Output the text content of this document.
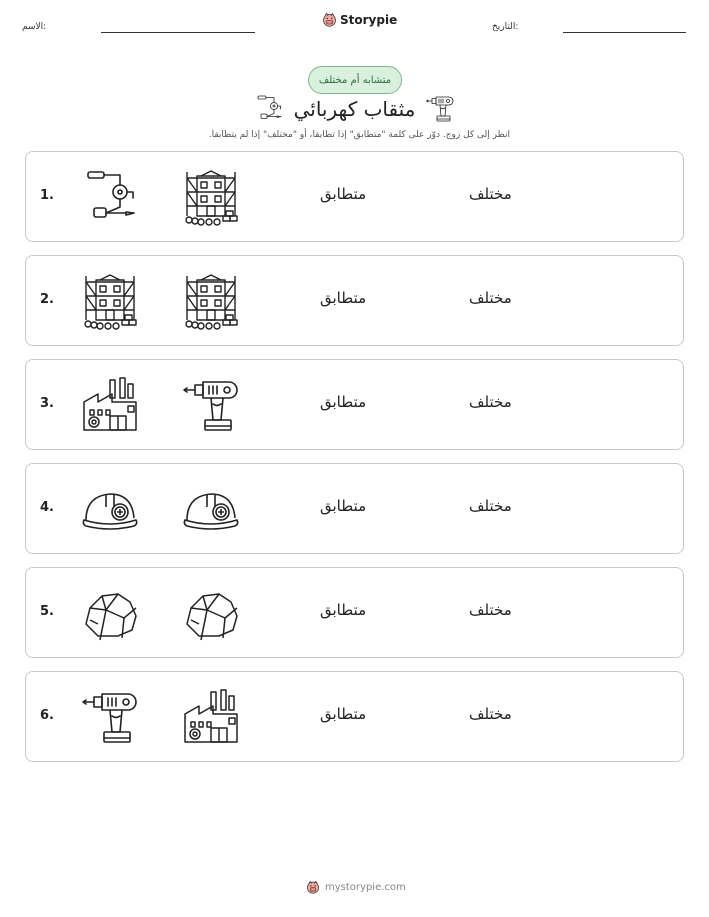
الاسم:
Storypie
التاريخ:
متشابه أم مختلف
مثقاب كهربائي
انظر إلى كل زوج. دوّر على كلمة "متطابق" إذا تطابقا، أو "مختلف" إذا لم يتطابقا.
1.	متطابق	مختلف
2.	متطابق	مختلف
3.	متطابق	مختلف
4.	متطابق	مختلف
5.	متطابق	مختلف
6.	متطابق	مختلف
mystorypie.com
